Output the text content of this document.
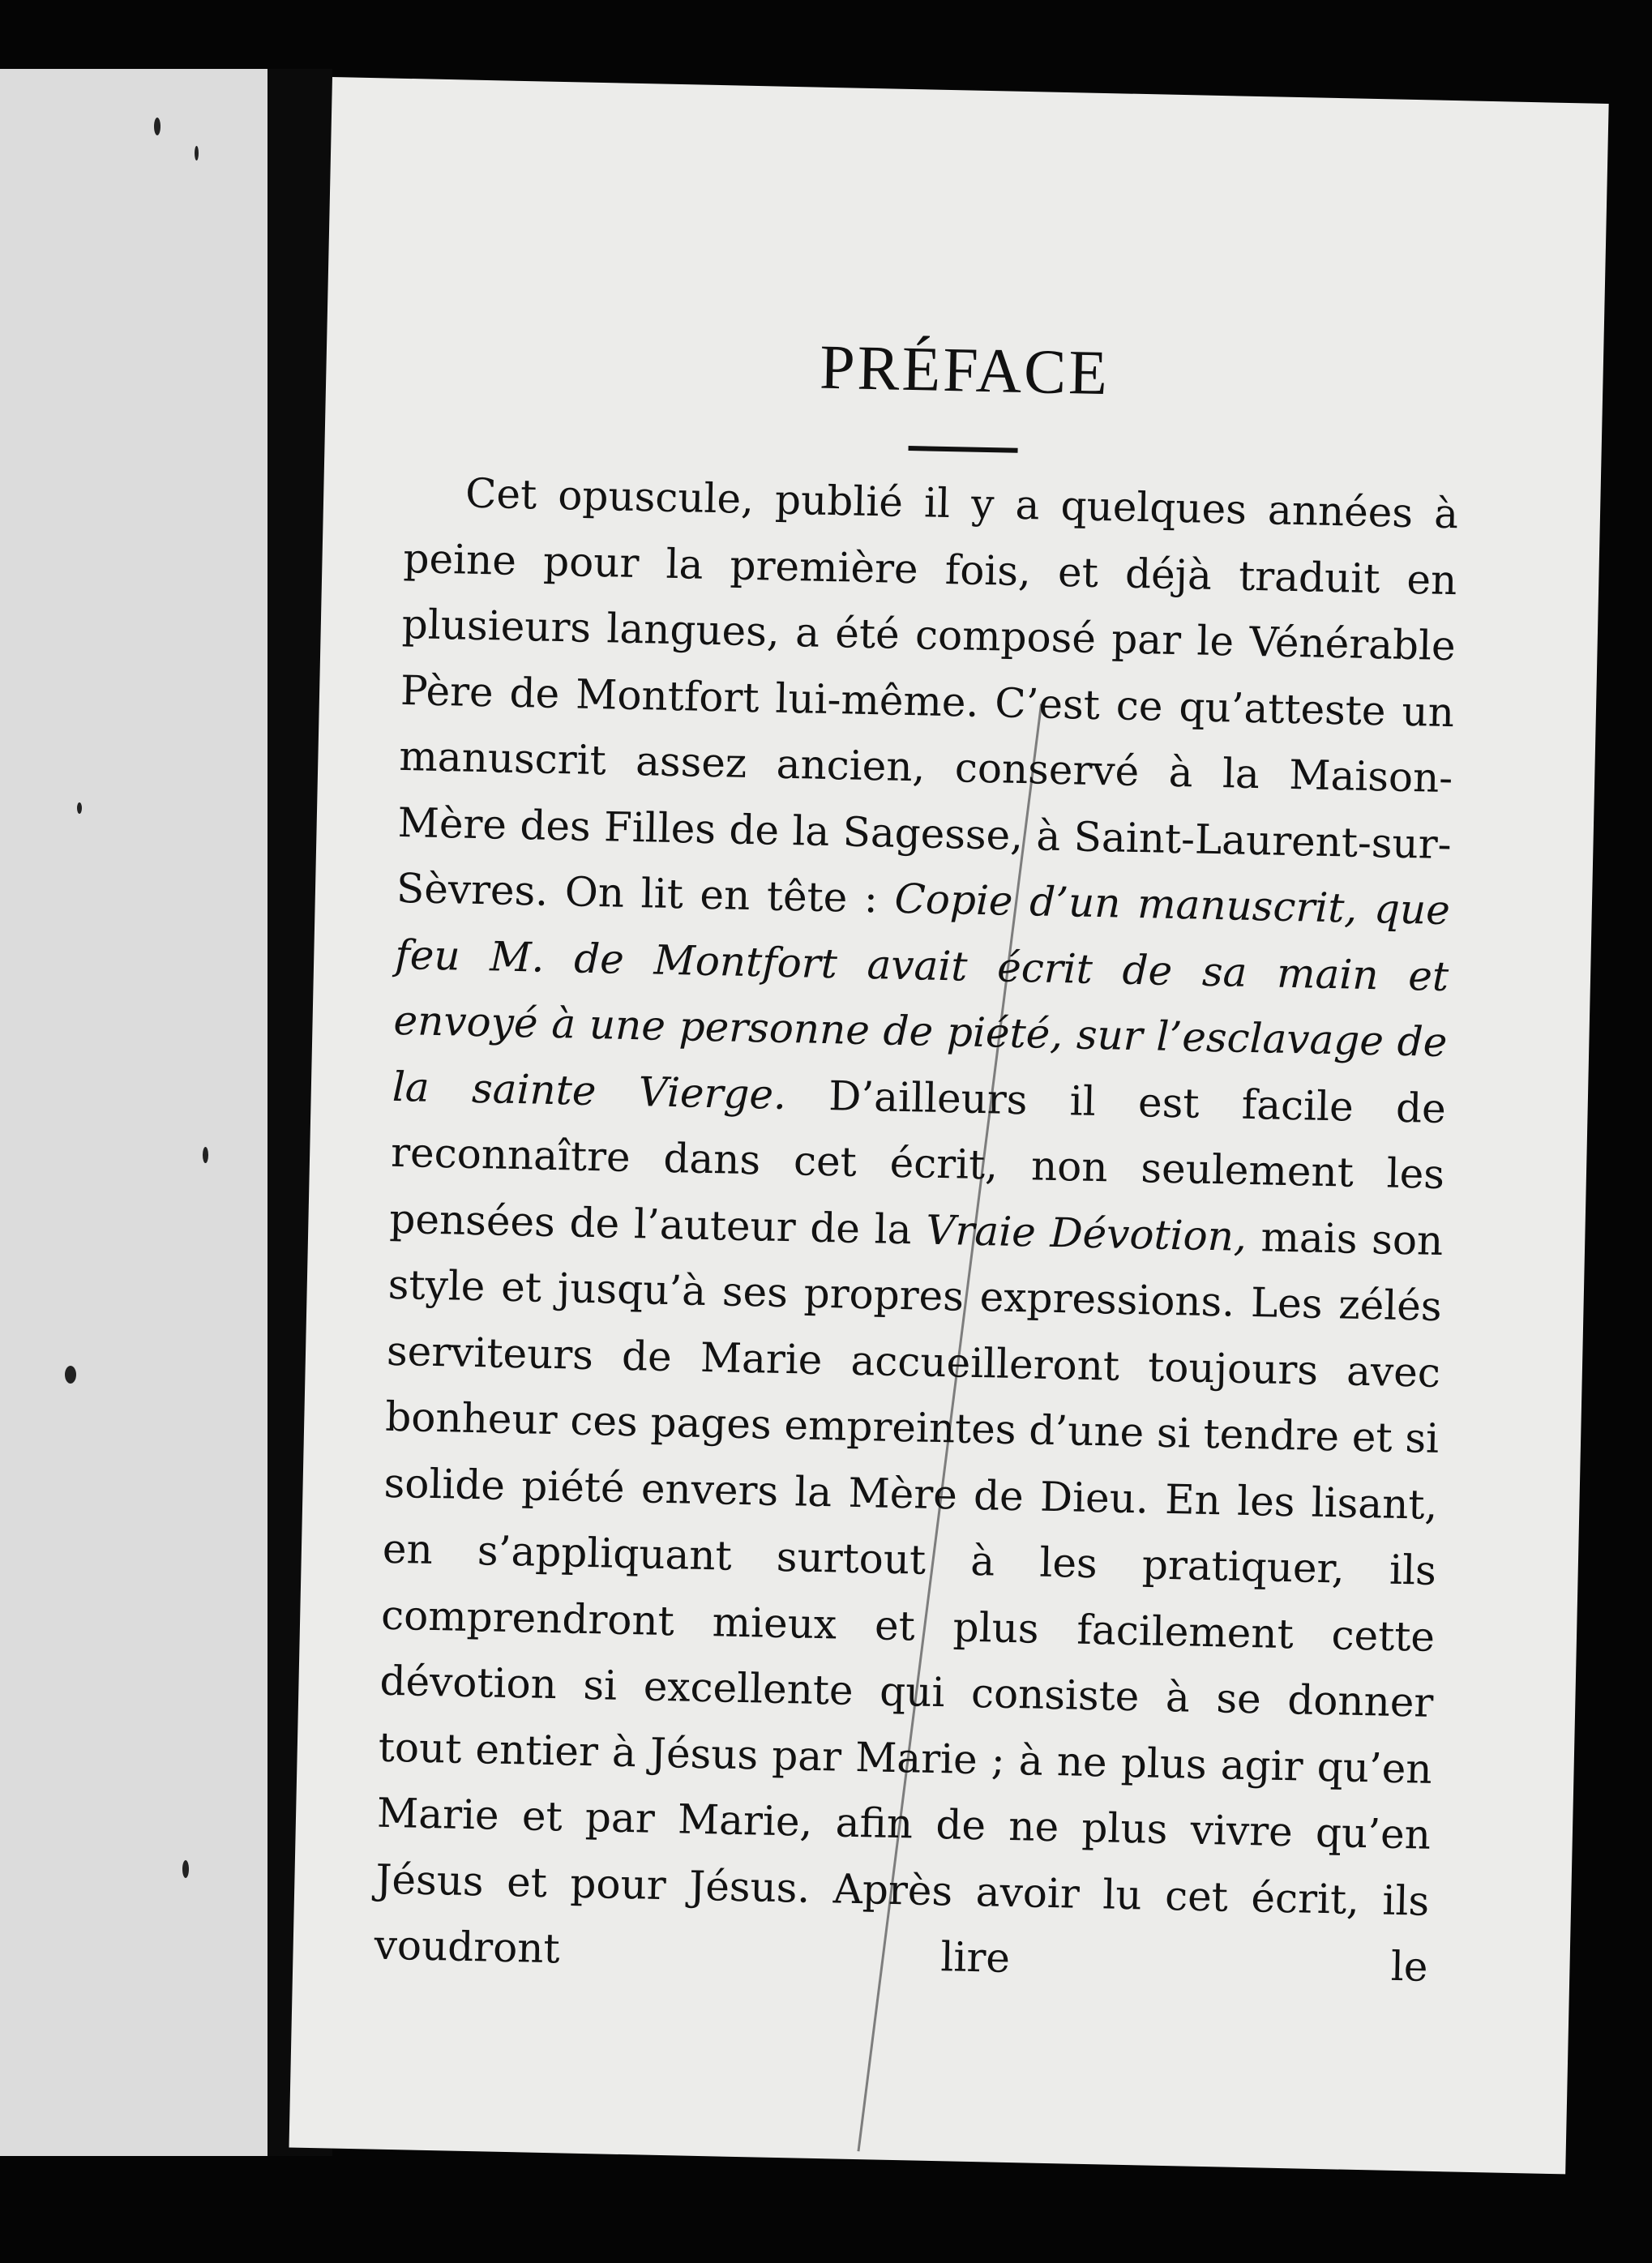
PRÉFACE

Cet opuscule, publié il y a quelques années à peine pour la première fois, et déjà traduit en plusieurs langues, a été composé par le Vénérable Père de Montfort lui-même. C’est ce qu’atteste un manuscrit assez ancien, conservé à la Maison-Mère des Filles de la Sagesse, à Saint-Laurent-sur-Sèvres. On lit en tête : Copie d’un manuscrit, que feu M. de Montfort avait écrit de sa main et envoyé à une personne de piété, sur l’esclavage de la sainte Vierge. D’ailleurs il est facile de reconnaître dans cet écrit, non seulement les pensées de l’auteur de la Vraie Dévotion, mais son style et jusqu’à ses propres expressions. Les zélés serviteurs de Marie accueilleront toujours avec bonheur ces pages empreintes d’une si tendre et si solide piété envers la Mère de Dieu. En les lisant, en s’appliquant surtout à les pratiquer, ils comprendront mieux et plus facilement cette dévotion si excellente qui consiste à se donner tout entier à Jésus par Marie ; à ne plus agir qu’en Marie et par Marie, afin de ne plus vivre qu’en Jésus et pour Jésus. Après avoir lu cet écrit, ils voudront lire le
